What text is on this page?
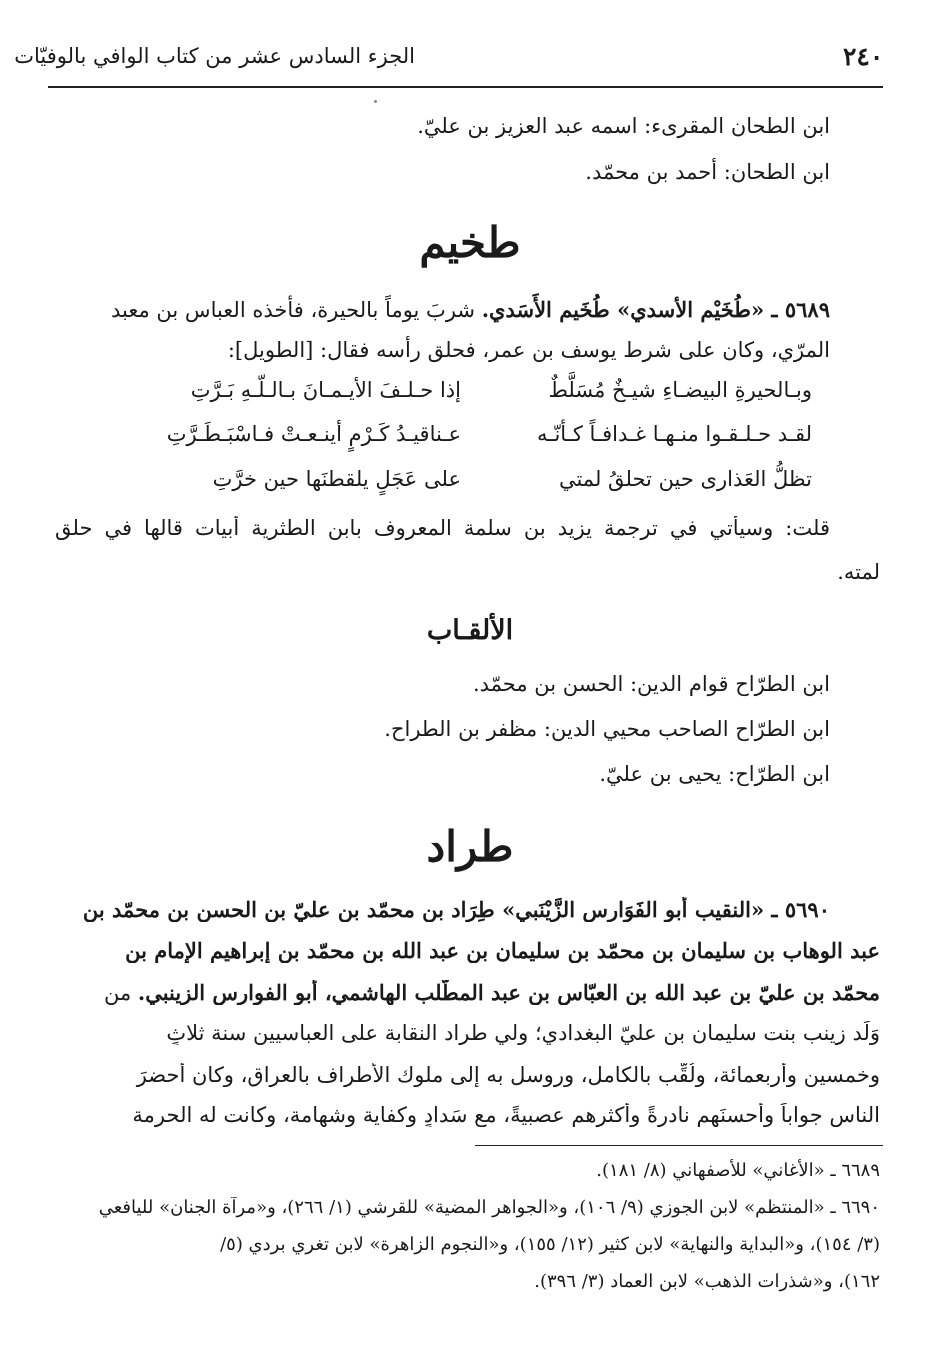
الجزء السادس عشر من كتاب الوافي بالوفيّات	٢٤٠
ابن الطحان المقرىء: اسمه عبد العزيز بن عليّ.
ابن الطحان: أحمد بن محمّد.
طخيم
٥٦٨٩ ـ «طُخَيْم الأسدي» طُخَيم الأَسَدي. شربَ يوماً بالحيرة، فأخذه العباس بن معبد المرّي، وكان على شرط يوسف بن عمر، فحلق رأسه فقال: [الطويل]:
وبـالحيرةِ البيضـاءِ شيـخٌ مُسَلَّطٌ
إذا حـلـفَ الأيـمـانَ بـالـلّـهِ بَـرَّتِ
لقـد حـلـقـوا منـهـا غـدافـاً كـأنّـه
عـناقيـدُ كَـرْمٍ أينـعـتْ فـاسْبَـطَـرَّتِ
تظلُّ العَذارى حين تحلقُ لمتي
على عَجَلٍ يلقطنَها حين خرَّتِ
قلت: وسيأتي في ترجمة يزيد بن سلمة المعروف بابن الطثرية أبيات قالها في حلق
لمته.
الألقـاب
ابن الطرّاح قوام الدين: الحسن بن محمّد.
ابن الطرّاح الصاحب محيي الدين: مظفر بن الطراح.
ابن الطرّاح: يحيى بن عليّ.
طراد
٥٦٩٠ ـ «النقيب أبو الفَوَارس الزَّيْنَبي» طِرَاد بن محمّد بن عليّ بن الحسن بن محمّد بن
عبد الوهاب بن سليمان بن محمّد بن سليمان بن عبد الله بن محمّد بن إبراهيم الإمام بن
محمّد بن عليّ بن عبد الله بن العبّاس بن عبد المطّلب الهاشمي، أبو الفوارس الزينبي. من
وَلَد زينب بنت سليمان بن عليّ البغدادي؛ ولي طراد النقابة على العباسيين سنة ثلاثٍ
وخمسين وأربعمائة، ولُقِّب بالكامل، وروسل به إلى ملوك الأطراف بالعراق، وكان أحضرَ
الناس جواباً وأحسنَهم نادرةً وأكثرهم عصبيةً، مع سَدادٍ وكفاية وشهامة، وكانت له الحرمة
٦٦٨٩ ـ «الأغاني» للأصفهاني (٨/ ١٨١).
٦٦٩٠ ـ «المنتظم» لابن الجوزي (٩/ ١٠٦)، و«الجواهر المضية» للقرشي (١/ ٢٦٦)، و«مرآة الجنان» لليافعي
(٣/ ١٥٤)، و«البداية والنهاية» لابن كثير (١٢/ ١٥٥)، و«النجوم الزاهرة» لابن تغري بردي (٥/
١٦٢)، و«شذرات الذهب» لابن العماد (٣/ ٣٩٦).
